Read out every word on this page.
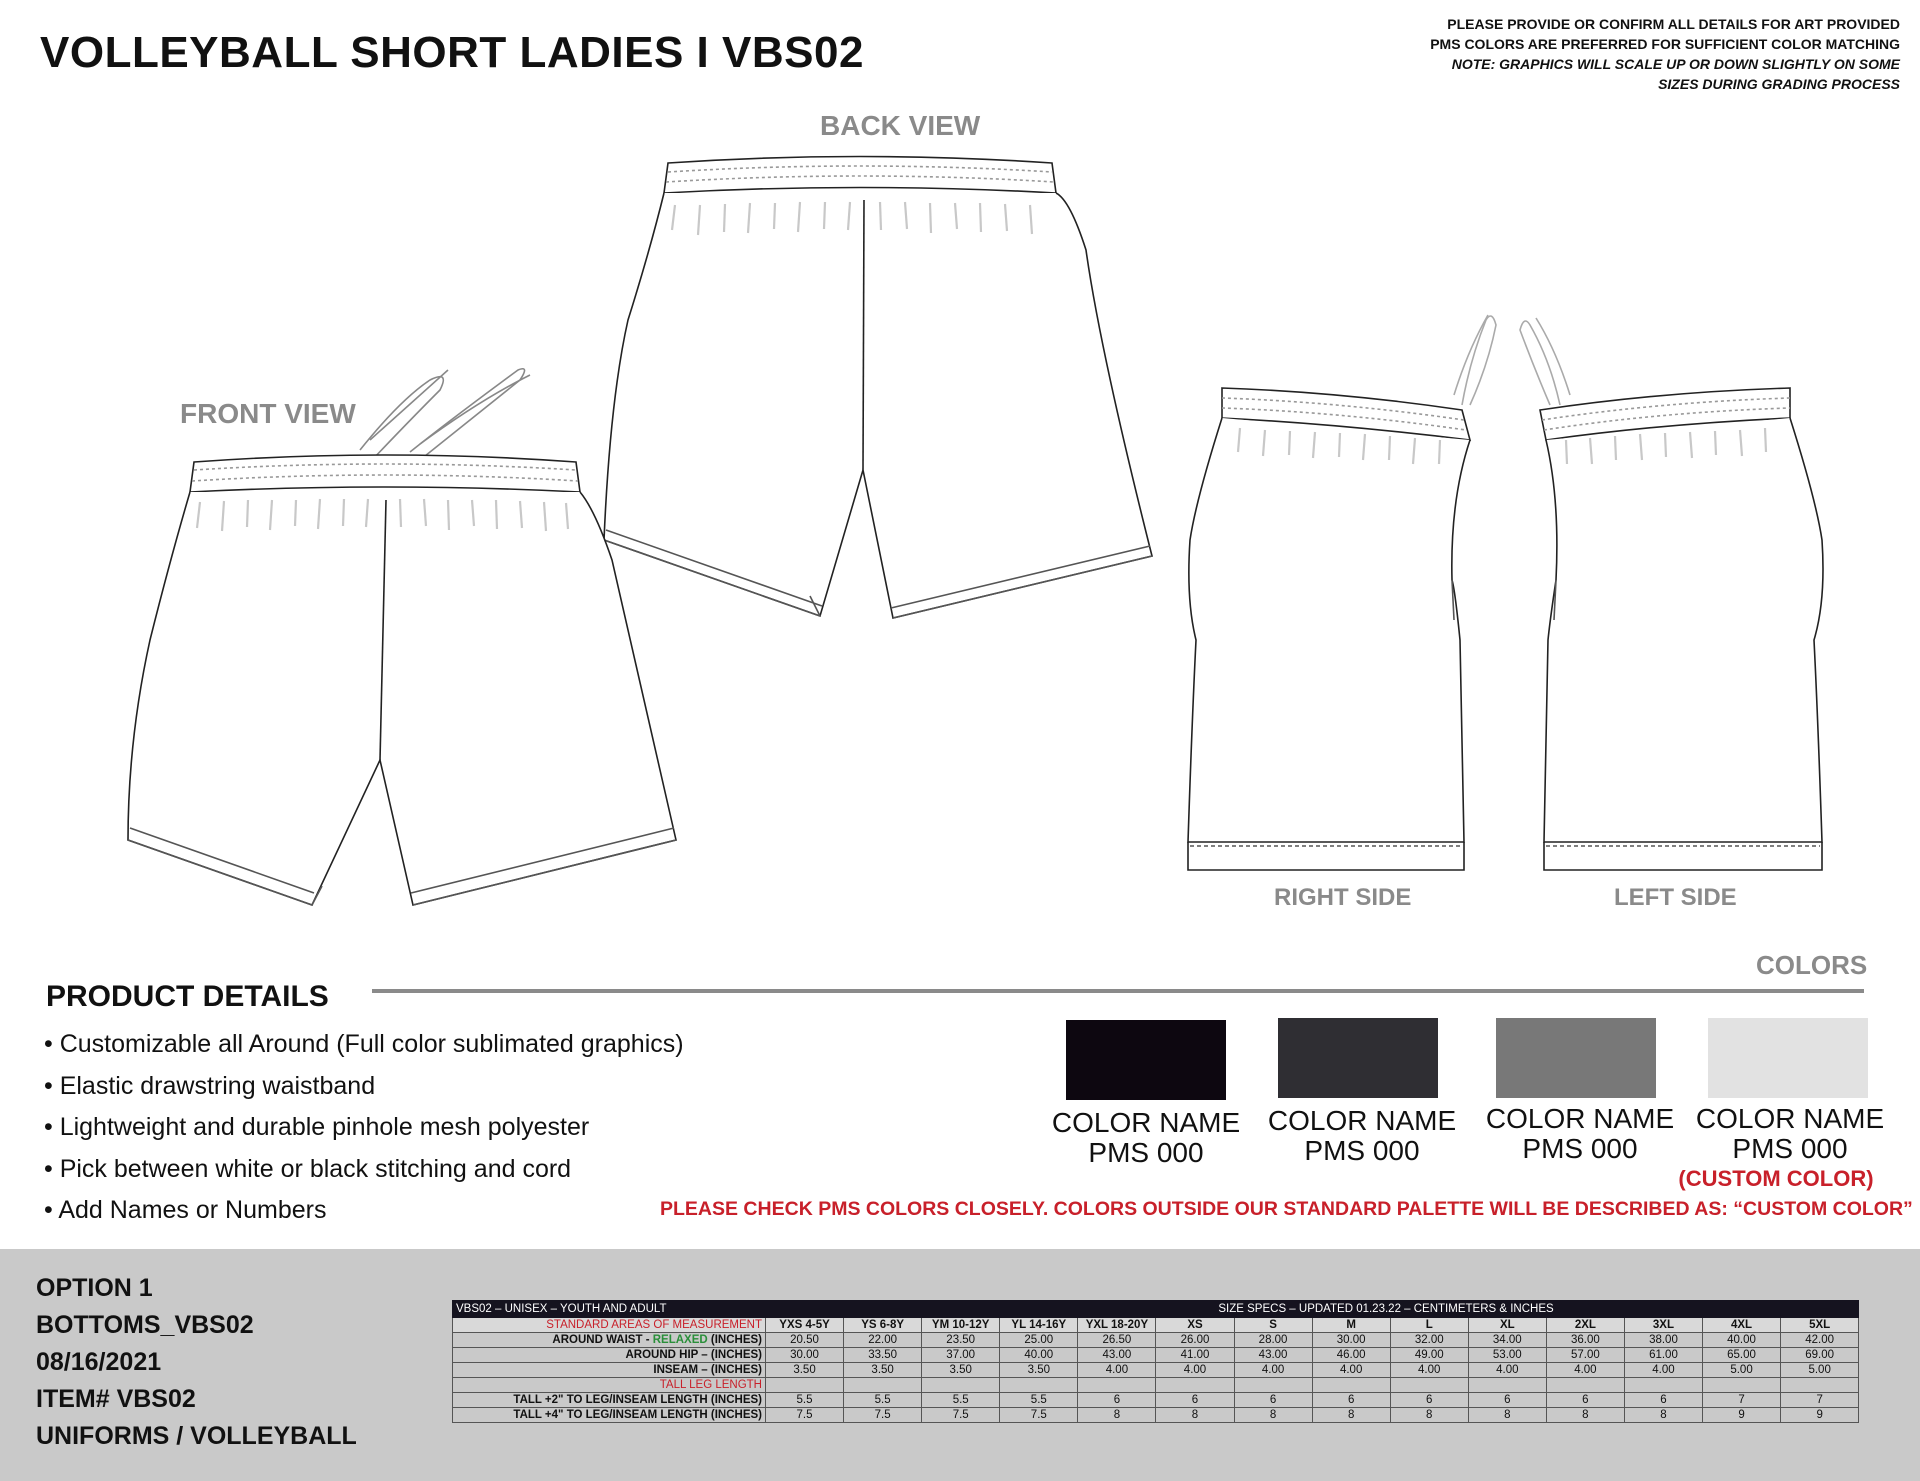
VOLLEYBALL SHORT LADIES I VBS02
PLEASE PROVIDE OR CONFIRM ALL DETAILS FOR ART PROVIDED
PMS COLORS ARE PREFERRED FOR SUFFICIENT COLOR MATCHING
NOTE: GRAPHICS WILL SCALE UP OR DOWN SLIGHTLY ON SOME
SIZES DURING GRADING PROCESS
BACK VIEW
FRONT VIEW
RIGHT SIDE	LEFT SIDE
PRODUCT DETAILS
COLORS
• Customizable all Around (Full color sublimated graphics)
• Elastic drawstring waistband
• Lightweight and durable pinhole mesh polyester
• Pick between white or black stitching and cord
• Add Names or Numbers
COLOR NAME
PMS 000
COLOR NAME
PMS 000
COLOR NAME
PMS 000
COLOR NAME
PMS 000
(CUSTOM COLOR)
PLEASE CHECK PMS COLORS CLOSELY. COLORS OUTSIDE OUR STANDARD PALETTE WILL BE DESCRIBED AS: “CUSTOM COLOR”
OPTION 1
BOTTOMS_VBS02
08/16/2021
ITEM# VBS02
UNIFORMS / VOLLEYBALL
VBS02 – UNISEX – YOUTH AND ADULT					SIZE SPECS – UPDATED 01.23.22 – CENTIMETERS & INCHES									
STANDARD AREAS OF MEASUREMENT	YXS 4-5Y	YS 6-8Y	YM 10-12Y	YL 14-16Y	YXL 18-20Y	XS	S	M	L	XL	2XL	3XL	4XL	5XL
AROUND WAIST - RELAXED (INCHES)	20.50	22.00	23.50	25.00	26.50	26.00	28.00	30.00	32.00	34.00	36.00	38.00	40.00	42.00
AROUND HIP – (INCHES)	30.00	33.50	37.00	40.00	43.00	41.00	43.00	46.00	49.00	53.00	57.00	61.00	65.00	69.00
INSEAM – (INCHES)	3.50	3.50	3.50	3.50	4.00	4.00	4.00	4.00	4.00	4.00	4.00	4.00	5.00	5.00
TALL LEG LENGTH														
TALL +2" TO LEG/INSEAM LENGTH (INCHES)	5.5	5.5	5.5	5.5	6	6	6	6	6	6	6	6	7	7
TALL +4" TO LEG/INSEAM LENGTH (INCHES)	7.5	7.5	7.5	7.5	8	8	8	8	8	8	8	8	9	9
